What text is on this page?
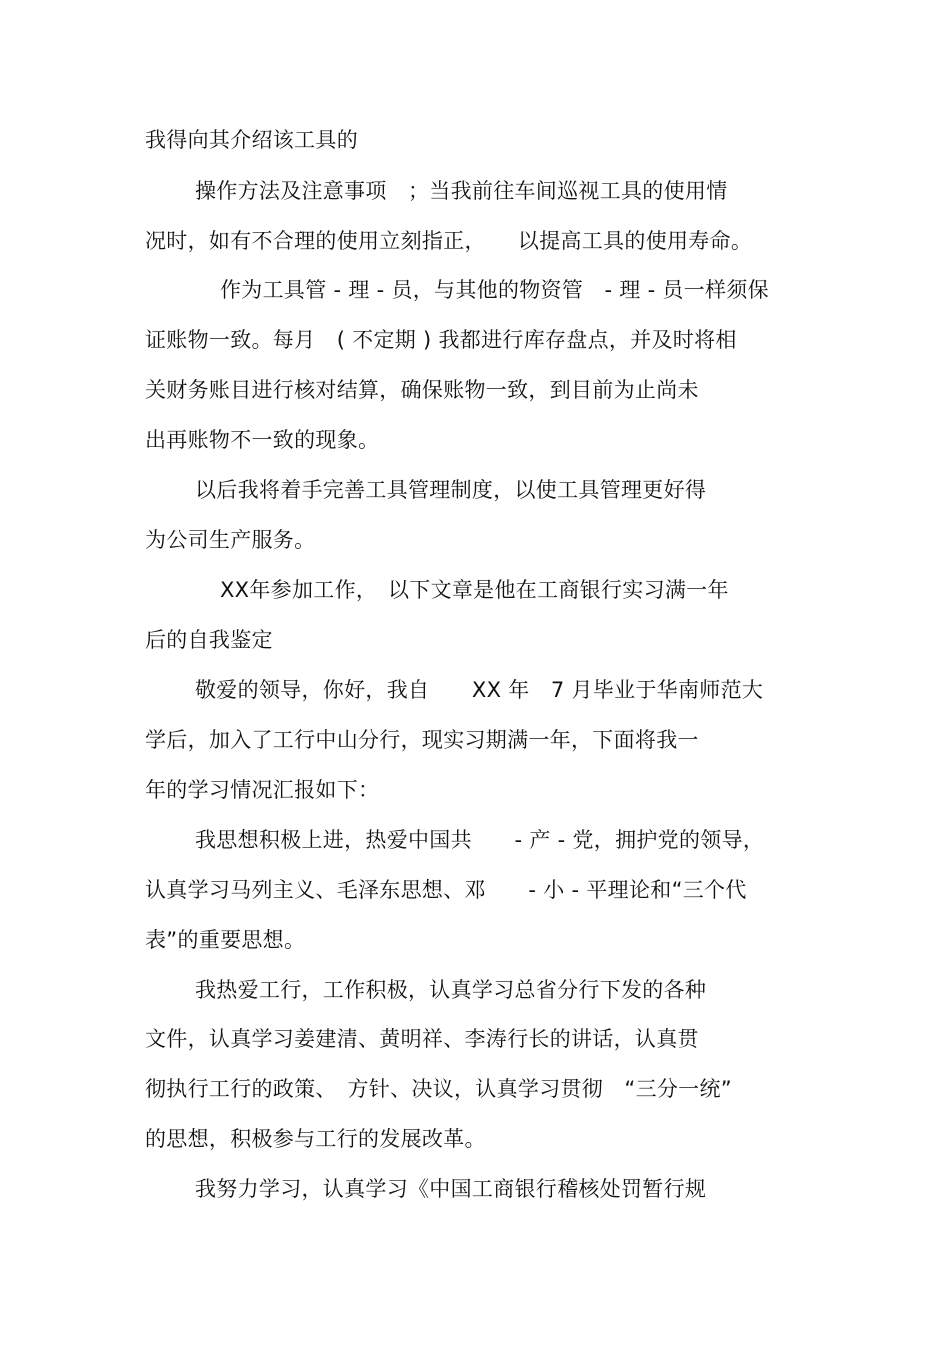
我得向其介绍该工具的
操作方法及注意事项　；当我前往车间巡视工具的使用情
况时，如有不合理的使用立刻指正，　　以提高工具的使用寿命。
作为工具管 - 理 - 员，与其他的物资管　- 理 - 员一样须保
证账物一致。每月　( 不定期 ) 我都进行库存盘点，并及时将相
关财务账目进行核对结算，确保账物一致，到目前为止尚未
出再账物不一致的现象。
以后我将着手完善工具管理制度，以使工具管理更好得
为公司生产服务。
XX年参加工作，　以下文章是他在工商银行实习满一年
后的自我鉴定
敬爱的领导，你好，我自　　XX 年　7 月毕业于华南师范大
学后，加入了工行中山分行，现实习期满一年，下面将我一
年的学习情况汇报如下：
我思想积极上进，热爱中国共　　- 产 - 党，拥护党的领导，
认真学习马列主义、毛泽东思想、邓　　- 小 - 平理论和“三个代
表”的重要思想。
我热爱工行，工作积极，认真学习总省分行下发的各种
文件，认真学习姜建清、黄明祥、李涛行长的讲话，认真贯
彻执行工行的政策、　方针、决议，认真学习贯彻　“三分一统”
的思想，积极参与工行的发展改革。
我努力学习，认真学习《中国工商银行稽核处罚暂行规
